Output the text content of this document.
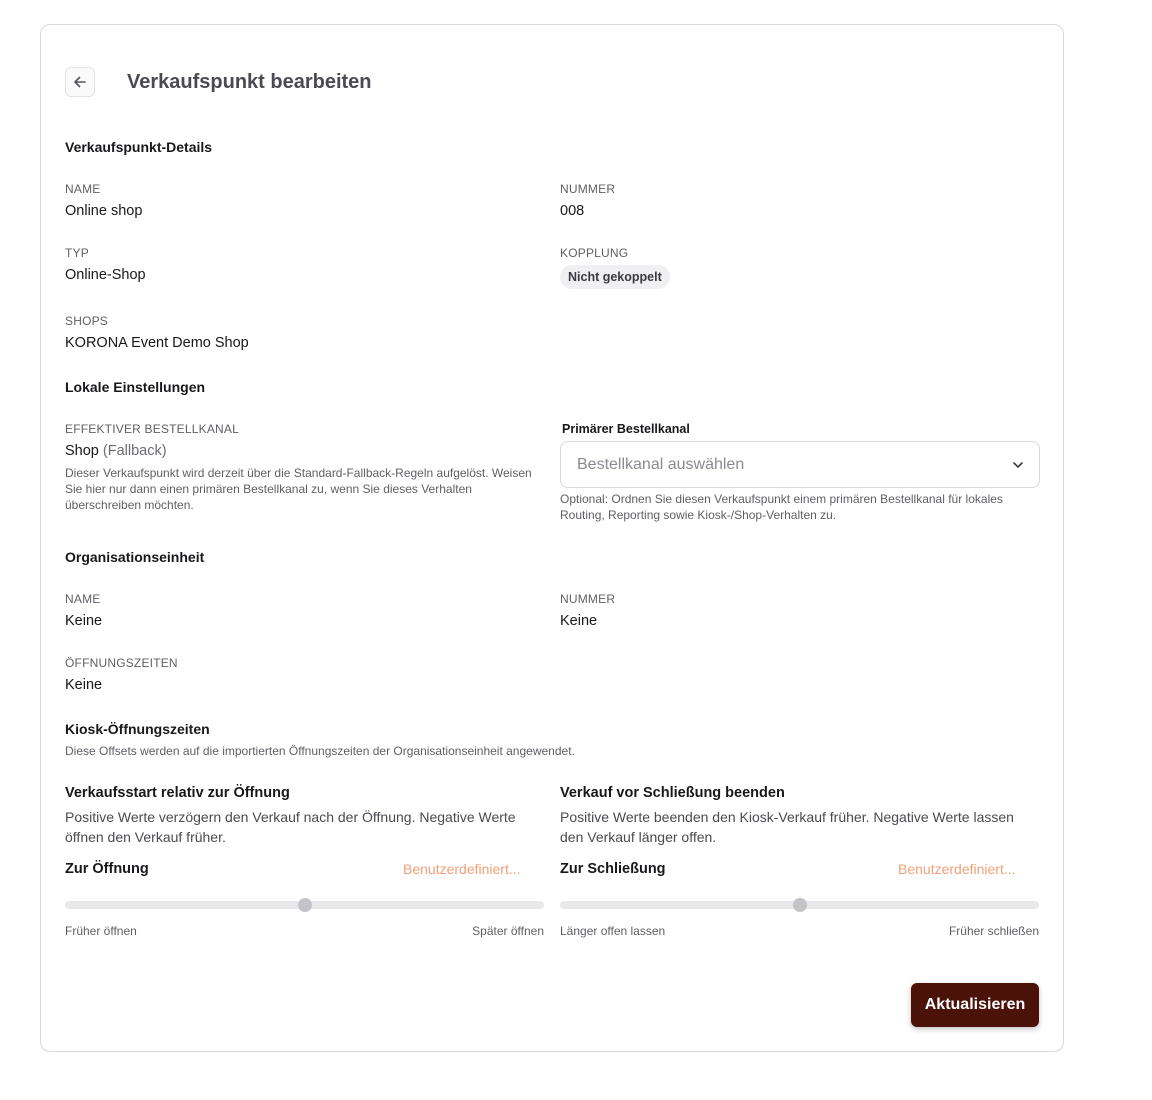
Verkaufspunkt bearbeiten
Verkaufspunkt-Details
NAME
Online shop
NUMMER
008
TYP
Online-Shop
KOPPLUNG
Nicht gekoppelt
SHOPS
KORONA Event Demo Shop
Lokale Einstellungen
EFFEKTIVER BESTELLKANAL
Shop (Fallback)
Dieser Verkaufspunkt wird derzeit über die Standard-Fallback-Regeln aufgelöst. Weisen Sie hier nur dann einen primären Bestellkanal zu, wenn Sie dieses Verhalten überschreiben möchten.
Primärer Bestellkanal
Bestellkanal auswählen
Optional: Ordnen Sie diesen Verkaufspunkt einem primären Bestellkanal für lokales Routing, Reporting sowie Kiosk-/Shop-Verhalten zu.
Organisationseinheit
NAME
Keine
NUMMER
Keine
ÖFFNUNGSZEITEN
Keine
Kiosk-Öffnungszeiten
Diese Offsets werden auf die importierten Öffnungszeiten der Organisationseinheit angewendet.
Verkaufsstart relativ zur Öffnung
Positive Werte verzögern den Verkauf nach der Öffnung. Negative Werte öffnen den Verkauf früher.
Zur Öffnung	Benutzerdefiniert...
Früher öffnen	Später öffnen
Verkauf vor Schließung beenden
Positive Werte beenden den Kiosk-Verkauf früher. Negative Werte lassen den Verkauf länger offen.
Zur Schließung	Benutzerdefiniert...
Länger offen lassen	Früher schließen
Aktualisieren
